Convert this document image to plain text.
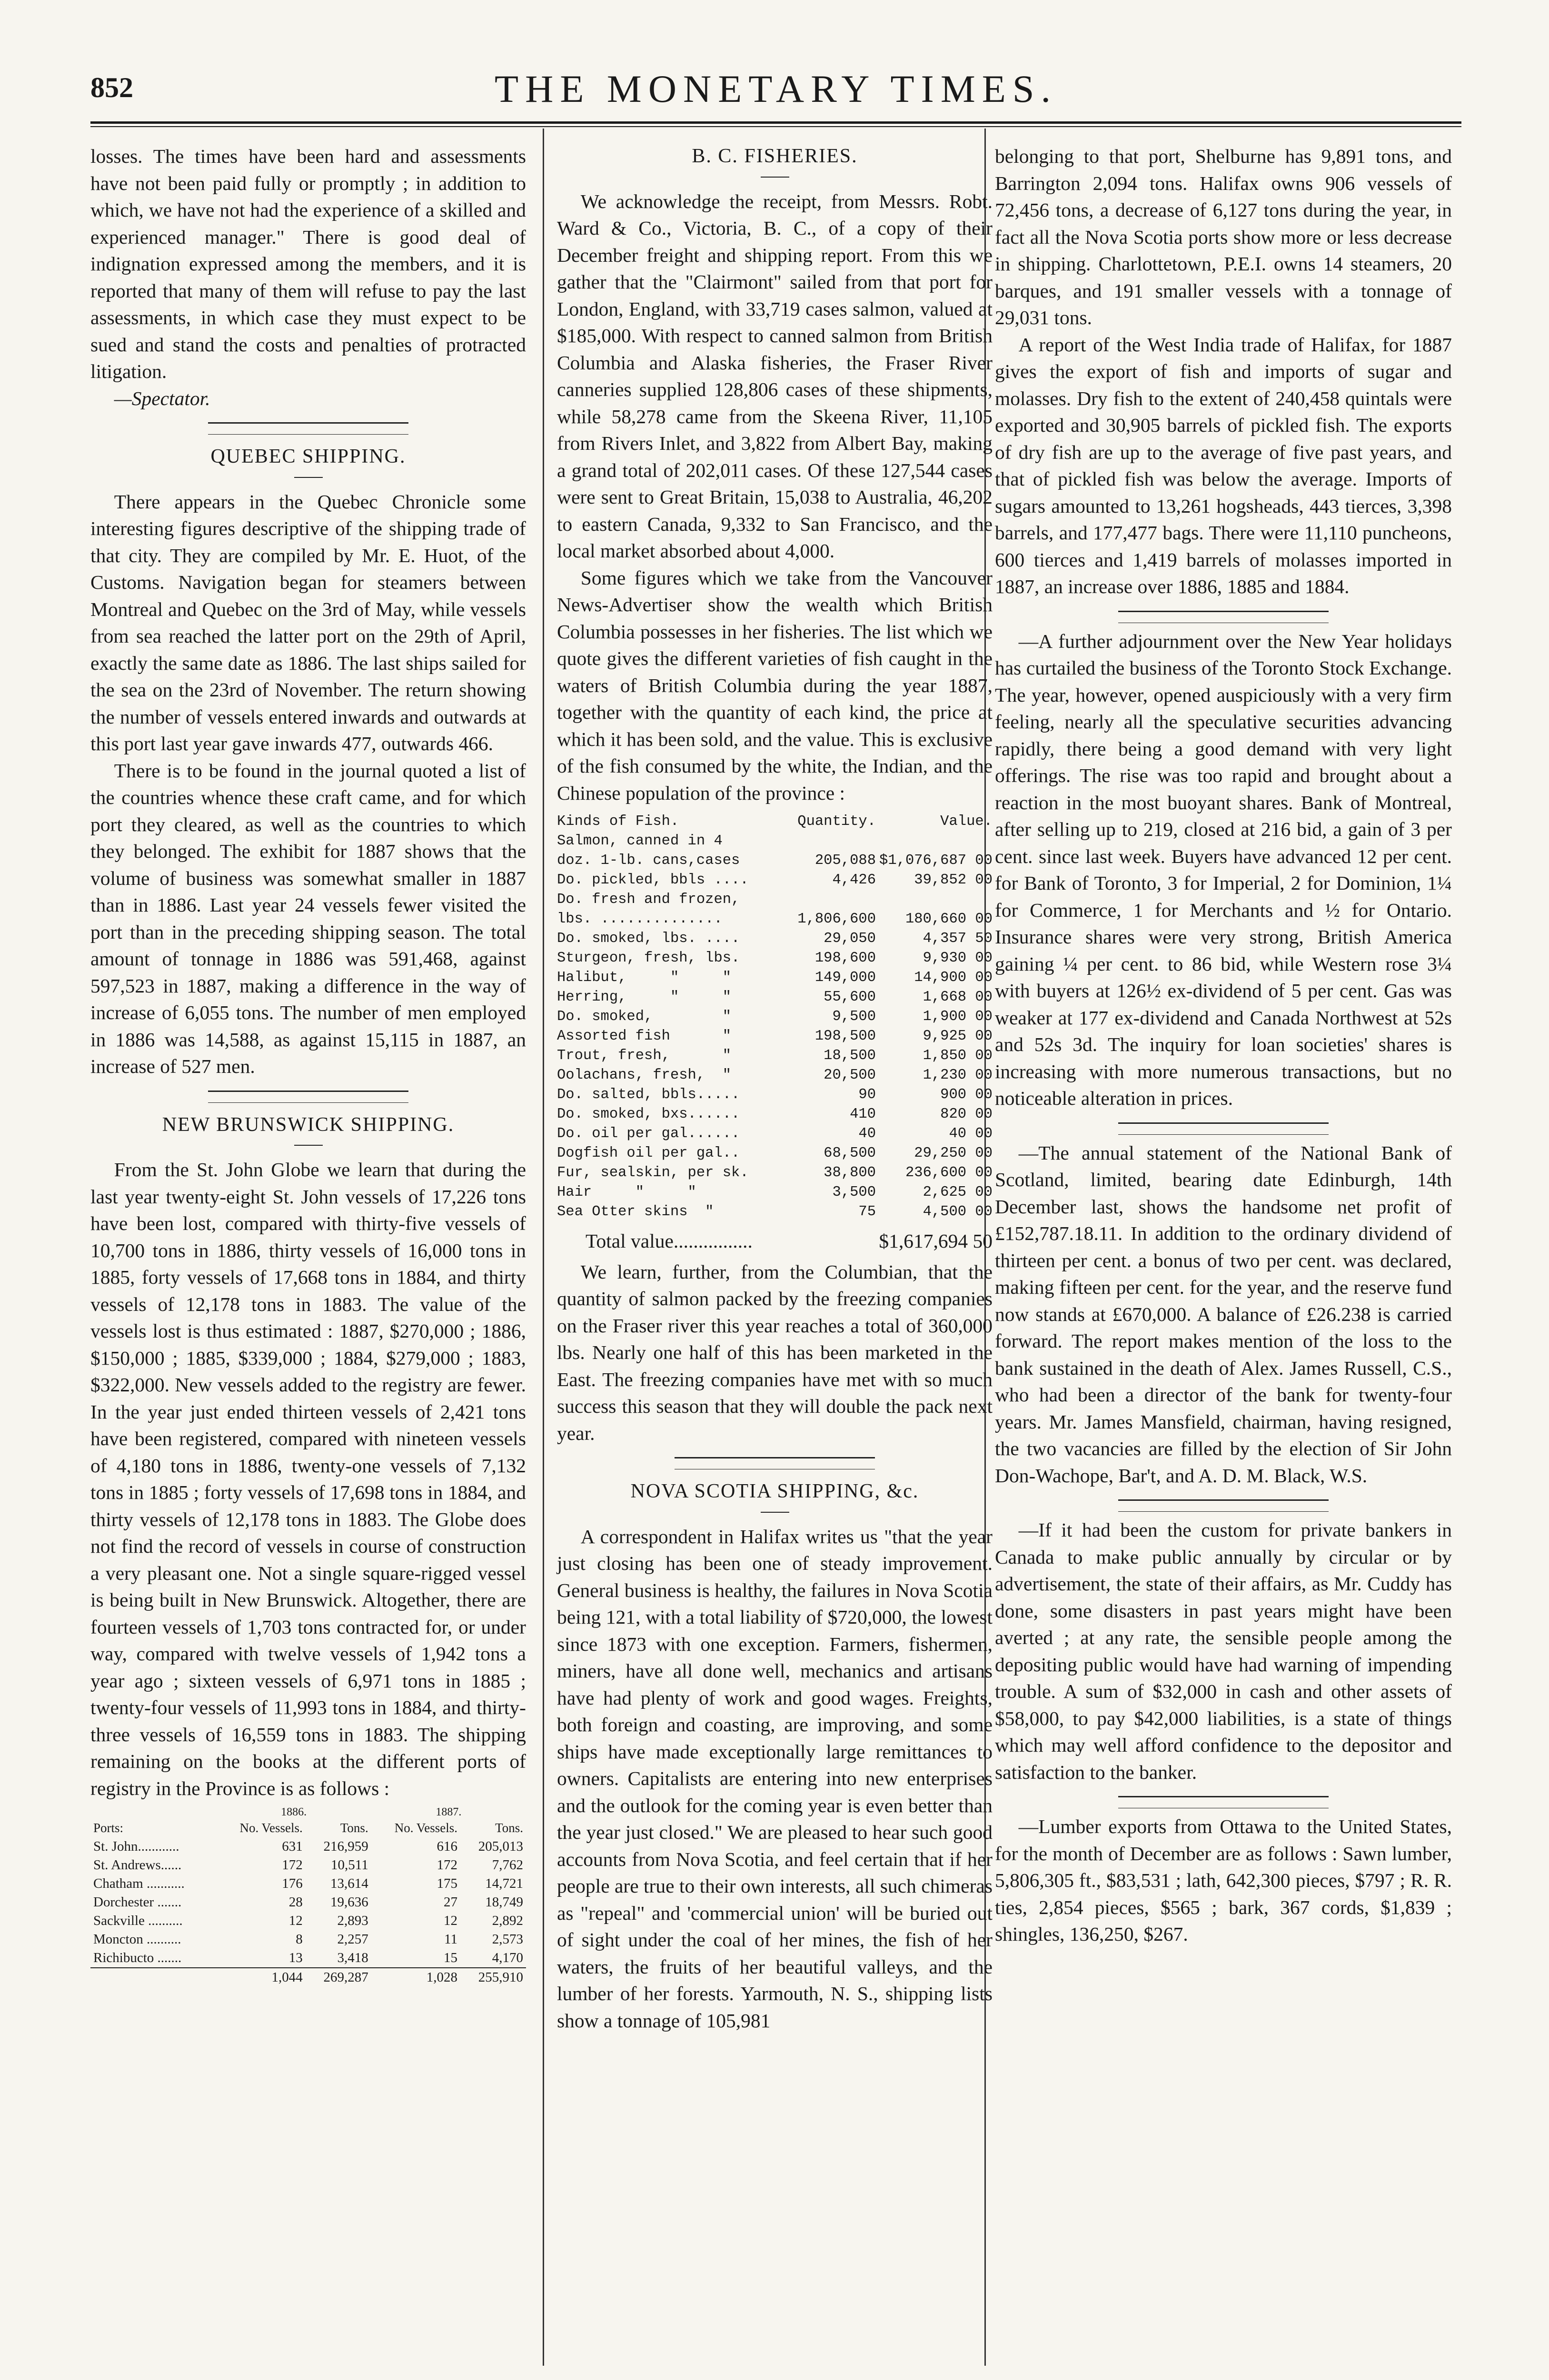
852	THE MONETARY TIMES.

losses. The times have been hard and assessments have not been paid fully or promptly ; in addition to which, we have not had the experience of a skilled and experienced manager." There is good deal of indignation expressed among the members, and it is reported that many of them will refuse to pay the last assessments, in which case they must expect to be sued and stand the costs and penalties of protracted litigation.

—Spectator.

QUEBEC SHIPPING.

There appears in the Quebec Chronicle some interesting figures descriptive of the shipping trade of that city. They are compiled by Mr. E. Huot, of the Customs. Navigation began for steamers between Montreal and Quebec on the 3rd of May, while vessels from sea reached the latter port on the 29th of April, exactly the same date as 1886. The last ships sailed for the sea on the 23rd of November. The return showing the number of vessels entered inwards and outwards at this port last year gave inwards 477, outwards 466.

There is to be found in the journal quoted a list of the countries whence these craft came, and for which port they cleared, as well as the countries to which they belonged. The exhibit for 1887 shows that the volume of business was somewhat smaller in 1887 than in 1886. Last year 24 vessels fewer visited the port than in the preceding shipping season. The total amount of tonnage in 1886 was 591,468, against 597,523 in 1887, making a difference in the way of increase of 6,055 tons. The number of men employed in 1886 was 14,588, as against 15,115 in 1887, an increase of 527 men.

NEW BRUNSWICK SHIPPING.

From the St. John Globe we learn that during the last year twenty-eight St. John vessels of 17,226 tons have been lost, compared with thirty-five vessels of 10,700 tons in 1886, thirty vessels of 16,000 tons in 1885, forty vessels of 17,668 tons in 1884, and thirty vessels of 12,178 tons in 1883. The value of the vessels lost is thus estimated : 1887, $270,000 ; 1886, $150,000 ; 1885, $339,000 ; 1884, $279,000 ; 1883, $322,000. New vessels added to the registry are fewer. In the year just ended thirteen vessels of 2,421 tons have been registered, compared with nineteen vessels of 4,180 tons in 1886, twenty-one vessels of 7,132 tons in 1885 ; forty vessels of 17,698 tons in 1884, and thirty vessels of 12,178 tons in 1883. The Globe does not find the record of vessels in course of construction a very pleasant one. Not a single square-rigged vessel is being built in New Brunswick. Altogether, there are fourteen vessels of 1,703 tons contracted for, or under way, compared with twelve vessels of 1,942 tons a year ago ; sixteen vessels of 6,971 tons in 1885 ; twenty-four vessels of 11,993 tons in 1884, and thirty-three vessels of 16,559 tons in 1883. The shipping remaining on the books at the different ports of registry in the Province is as follows :

	1886.		1887.	
Ports:	No. Vessels.	Tons.	No. Vessels.	Tons.
St. John............	631	216,959	616	205,013
St. Andrews......	172	10,511	172	7,762
Chatham ...........	176	13,614	175	14,721
Dorchester .......	28	19,636	27	18,749
Sackville ..........	12	2,893	12	2,892
Moncton ..........	8	2,257	11	2,573
Richibucto .......	13	3,418	15	4,170
	1,044	269,287	1,028	255,910
B. C. FISHERIES.

We acknowledge the receipt, from Messrs. Robt. Ward & Co., Victoria, B. C., of a copy of their December freight and shipping report. From this we gather that the "Clairmont" sailed from that port for London, England, with 33,719 cases salmon, valued at $185,000. With respect to canned salmon from British Columbia and Alaska fisheries, the Fraser River canneries supplied 128,806 cases of these shipments, while 58,278 came from the Skeena River, 11,105 from Rivers Inlet, and 3,822 from Albert Bay, making a grand total of 202,011 cases. Of these 127,544 cases were sent to Great Britain, 15,038 to Australia, 46,202 to eastern Canada, 9,332 to San Francisco, and the local market absorbed about 4,000.

Some figures which we take from the Vancouver News-Advertiser show the wealth which British Columbia possesses in her fisheries. The list which we quote gives the different varieties of fish caught in the waters of British Columbia during the year 1887, together with the quantity of each kind, the price at which it has been sold, and the value. This is exclusive of the fish consumed by the white, the Indian, and the Chinese population of the province :

Kinds of Fish.	Quantity.	Value.
Salmon, canned in 4
doz. 1-lb. cans,cases	205,088 $1,076,687 00
Do. pickled, bbls ....	4,426	39,852 00
Do. fresh and frozen,
lbs. ..............	1,806,600	180,660 00
Do. smoked, lbs. ....	29,050	4,357 50
Sturgeon, fresh, lbs.	198,600	9,930 00
Halibut,     "     "	149,000	14,900 00
Herring,     "     "	55,600	1,668 00
Do. smoked,        "	9,500	1,900 00
Assorted fish      "	198,500	9,925 00
Trout, fresh,      "	18,500	1,850 00
Oolachans, fresh,  "	20,500	1,230 00
Do. salted, bbls.....	90	900 00
Do. smoked, bxs......	410	820 00
Do. oil per gal......	40	40 00
Dogfish oil per gal..	68,500	29,250 00
Fur, sealskin, per sk.	38,800	236,600 00
Hair     "     "	3,500	2,625 00
Sea Otter skins  "	75	4,500 00
Total value................	$1,617,694 50

We learn, further, from the Columbian, that the quantity of salmon packed by the freezing companies on the Fraser river this year reaches a total of 360,000 lbs. Nearly one half of this has been marketed in the East. The freezing companies have met with so much success this season that they will double the pack next year.

NOVA SCOTIA SHIPPING, &c.

A correspondent in Halifax writes us "that the year just closing has been one of steady improvement. General business is healthy, the failures in Nova Scotia being 121, with a total liability of $720,000, the lowest since 1873 with one exception. Farmers, fishermen, miners, have all done well, mechanics and artisans have had plenty of work and good wages. Freights, both foreign and coasting, are improving, and some ships have made exceptionally large remittances to owners. Capitalists are entering into new enterprises and the outlook for the coming year is even better than the year just closed." We are pleased to hear such good accounts from Nova Scotia, and feel certain that if her people are true to their own interests, all such chimeras as "repeal" and 'commercial union' will be buried out of sight under the coal of her mines, the fish of her waters, the fruits of her beautiful valleys, and the lumber of her forests. Yarmouth, N. S., shipping lists show a tonnage of 105,981

belonging to that port, Shelburne has 9,891 tons, and Barrington 2,094 tons. Halifax owns 906 vessels of 72,456 tons, a decrease of 6,127 tons during the year, in fact all the Nova Scotia ports show more or less decrease in shipping. Charlottetown, P.E.I. owns 14 steamers, 20 barques, and 191 smaller vessels with a tonnage of 29,031 tons.

A report of the West India trade of Halifax, for 1887 gives the export of fish and imports of sugar and molasses. Dry fish to the extent of 240,458 quintals were exported and 30,905 barrels of pickled fish. The exports of dry fish are up to the average of five past years, and that of pickled fish was below the average. Imports of sugars amounted to 13,261 hogsheads, 443 tierces, 3,398 barrels, and 177,477 bags. There were 11,110 puncheons, 600 tierces and 1,419 barrels of molasses imported in 1887, an increase over 1886, 1885 and 1884.

—A further adjournment over the New Year holidays has curtailed the business of the Toronto Stock Exchange. The year, however, opened auspiciously with a very firm feeling, nearly all the speculative securities advancing rapidly, there being a good demand with very light offerings. The rise was too rapid and brought about a reaction in the most buoyant shares. Bank of Montreal, after selling up to 219, closed at 216 bid, a gain of 3 per cent. since last week. Buyers have advanced 12 per cent. for Bank of Toronto, 3 for Imperial, 2 for Dominion, 1¼ for Commerce, 1 for Merchants and ½ for Ontario. Insurance shares were very strong, British America gaining ¼ per cent. to 86 bid, while Western rose 3¼ with buyers at 126½ ex-dividend of 5 per cent. Gas was weaker at 177 ex-dividend and Canada Northwest at 52s and 52s 3d. The inquiry for loan societies' shares is increasing with more numerous transactions, but no noticeable alteration in prices.

—The annual statement of the National Bank of Scotland, limited, bearing date Edinburgh, 14th December last, shows the handsome net profit of £152,787.18.11. In addition to the ordinary dividend of thirteen per cent. a bonus of two per cent. was declared, making fifteen per cent. for the year, and the reserve fund now stands at £670,000. A balance of £26.238 is carried forward. The report makes mention of the loss to the bank sustained in the death of Alex. James Russell, C.S., who had been a director of the bank for twenty-four years. Mr. James Mansfield, chairman, having resigned, the two vacancies are filled by the election of Sir John Don-Wachope, Bar't, and A. D. M. Black, W.S.

—If it had been the custom for private bankers in Canada to make public annually by circular or by advertisement, the state of their affairs, as Mr. Cuddy has done, some disasters in past years might have been averted ; at any rate, the sensible people among the depositing public would have had warning of impending trouble. A sum of $32,000 in cash and other assets of $58,000, to pay $42,000 liabilities, is a state of things which may well afford confidence to the depositor and satisfaction to the banker.

—Lumber exports from Ottawa to the United States, for the month of December are as follows : Sawn lumber, 5,806,305 ft., $83,531 ; lath, 642,300 pieces, $797 ; R. R. ties, 2,854 pieces, $565 ; bark, 367 cords, $1,839 ; shingles, 136,250, $267.
